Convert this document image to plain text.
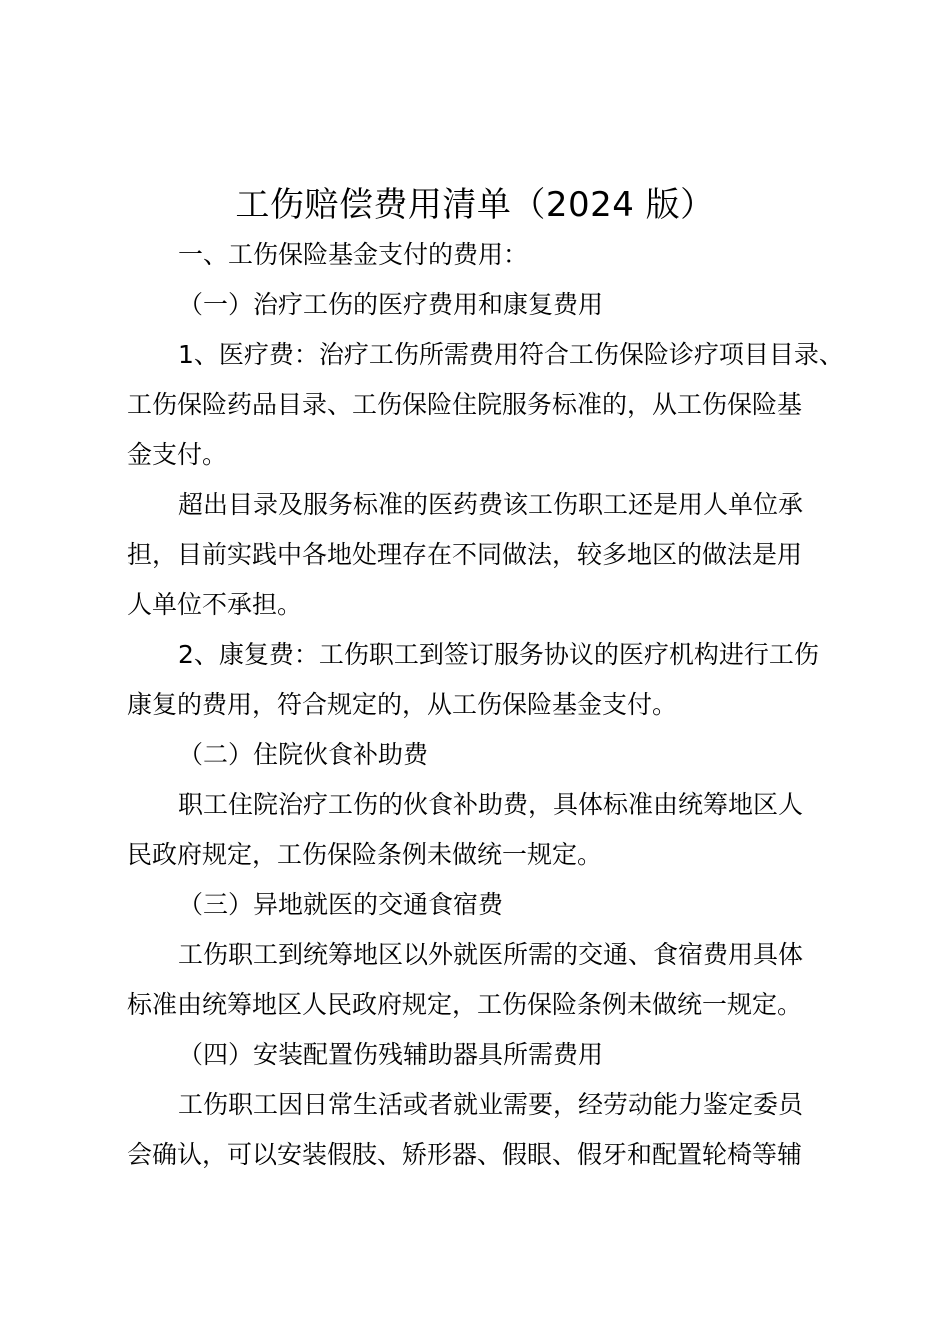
工伤赔偿费用清单（2024 版）
一、工伤保险基金支付的费用：
（一）治疗工伤的医疗费用和康复费用
1、医疗费：治疗工伤所需费用符合工伤保险诊疗项目目录、
工伤保险药品目录、工伤保险住院服务标准的，从工伤保险基
金支付。
超出目录及服务标准的医药费该工伤职工还是用人单位承
担，目前实践中各地处理存在不同做法，较多地区的做法是用
人单位不承担。
2、康复费：工伤职工到签订服务协议的医疗机构进行工伤
康复的费用，符合规定的，从工伤保险基金支付。
（二）住院伙食补助费
职工住院治疗工伤的伙食补助费，具体标准由统筹地区人
民政府规定，工伤保险条例未做统一规定。
（三）异地就医的交通食宿费
工伤职工到统筹地区以外就医所需的交通、食宿费用具体
标准由统筹地区人民政府规定，工伤保险条例未做统一规定。
（四）安装配置伤残辅助器具所需费用
工伤职工因日常生活或者就业需要，经劳动能力鉴定委员
会确认，可以安装假肢、矫形器、假眼、假牙和配置轮椅等辅
